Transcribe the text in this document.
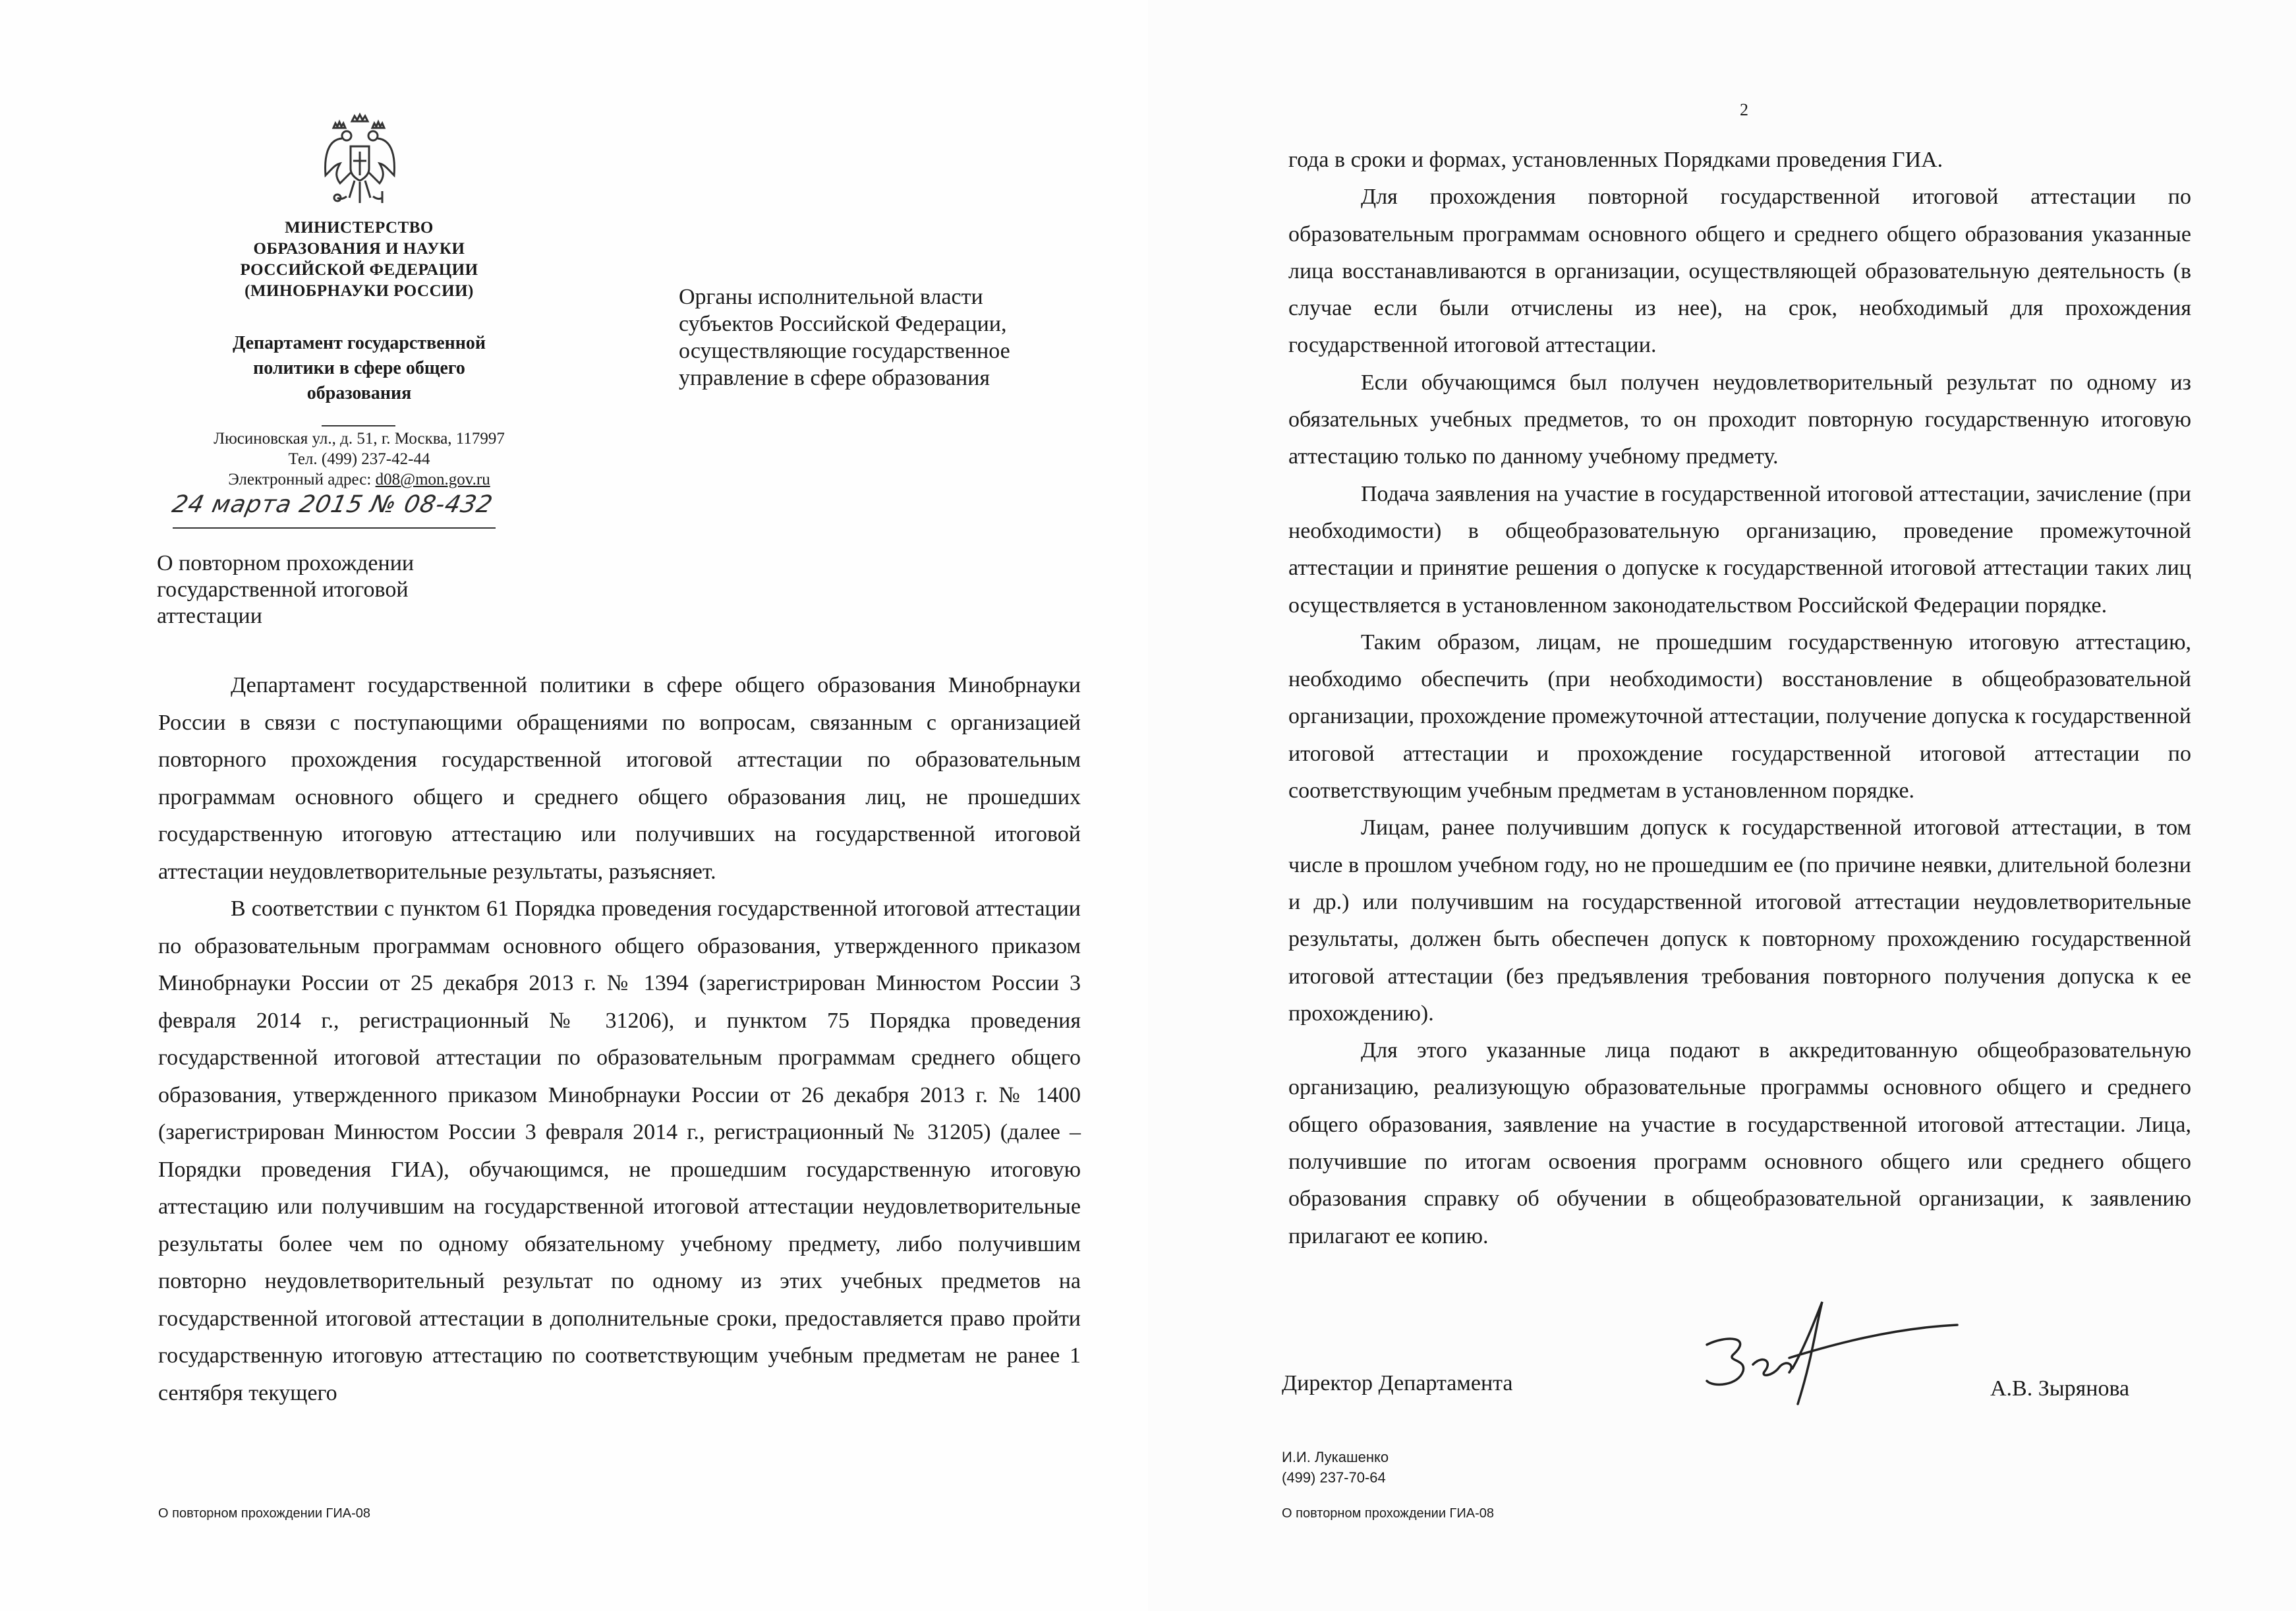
МИНИСТЕРСТВО
ОБРАЗОВАНИЯ И НАУКИ
РОССИЙСКОЙ ФЕДЕРАЦИИ
(МИНОБРНАУКИ РОССИИ)
Департамент государственной
политики в сфере общего
образования
Люсиновская ул., д. 51, г. Москва, 117997
Тел. (499) 237-42-44
Электронный адрес: d08@mon.gov.ru
24 марта 2015 № 08-432
О повторном прохождении
государственной итоговой
аттестации
Органы исполнительной власти
субъектов Российской Федерации,
осуществляющие государственное
управление в сфере образования

Департамент государственной политики в сфере общего образования Минобрнауки России в связи с поступающими обращениями по вопросам, связанным с организацией повторного прохождения государственной итоговой аттестации по образовательным программам основного общего и среднего общего образования лиц, не прошедших государственную итоговую аттестацию или получивших на государственной итоговой аттестации неудовлетворительные результаты, разъясняет.

В соответствии с пунктом 61 Порядка проведения государственной итоговой аттестации по образовательным программам основного общего образования, утвержденного приказом Минобрнауки России от 25 декабря 2013 г. № 1394 (зарегистрирован Минюстом России 3 февраля 2014 г., регистрационный № 31206), и пунктом 75 Порядка проведения государственной итоговой аттестации по образовательным программам среднего общего образования, утвержденного приказом Минобрнауки России от 26 декабря 2013 г. № 1400 (зарегистрирован Минюстом России 3 февраля 2014 г., регистрационный № 31205) (далее – Порядки проведения ГИА), обучающимся, не прошедшим государственную итоговую аттестацию или получившим на государственной итоговой аттестации неудовлетворительные результаты более чем по одному обязательному учебному предмету, либо получившим повторно неудовлетворительный результат по одному из этих учебных предметов на государственной итоговой аттестации в дополнительные сроки, предоставляется право пройти государственную итоговую аттестацию по соответствующим учебным предметам не ранее 1 сентября текущего

О повторном прохождении ГИА-08
2

года в сроки и формах, установленных Порядками проведения ГИА.

Для прохождения повторной государственной итоговой аттестации по образовательным программам основного общего и среднего общего образования указанные лица восстанавливаются в организации, осуществляющей образовательную деятельность (в случае если были отчислены из нее), на срок, необходимый для прохождения государственной итоговой аттестации.

Если обучающимся был получен неудовлетворительный результат по одному из обязательных учебных предметов, то он проходит повторную государственную итоговую аттестацию только по данному учебному предмету.

Подача заявления на участие в государственной итоговой аттестации, зачисление (при необходимости) в общеобразовательную организацию, проведение промежуточной аттестации и принятие решения о допуске к государственной итоговой аттестации таких лиц осуществляется в установленном законодательством Российской Федерации порядке.

Таким образом, лицам, не прошедшим государственную итоговую аттестацию, необходимо обеспечить (при необходимости) восстановление в общеобразовательной организации, прохождение промежуточной аттестации, получение допуска к государственной итоговой аттестации и прохождение государственной итоговой аттестации по соответствующим учебным предметам в установленном порядке.

Лицам, ранее получившим допуск к государственной итоговой аттестации, в том числе в прошлом учебном году, но не прошедшим ее (по причине неявки, длительной болезни и др.) или получившим на государственной итоговой аттестации неудовлетворительные результаты, должен быть обеспечен допуск к повторному прохождению государственной итоговой аттестации (без предъявления требования повторного получения допуска к ее прохождению).

Для этого указанные лица подают в аккредитованную общеобразовательную организацию, реализующую образовательные программы основного общего и среднего общего образования, заявление на участие в государственной итоговой аттестации. Лица, получившие по итогам освоения программ основного общего или среднего общего образования справку об обучении в общеобразовательной организации, к заявлению прилагают ее копию.

Директор Департамента	А.В. Зырянова
И.И. Лукашенко
(499) 237-70-64
О повторном прохождении ГИА-08
